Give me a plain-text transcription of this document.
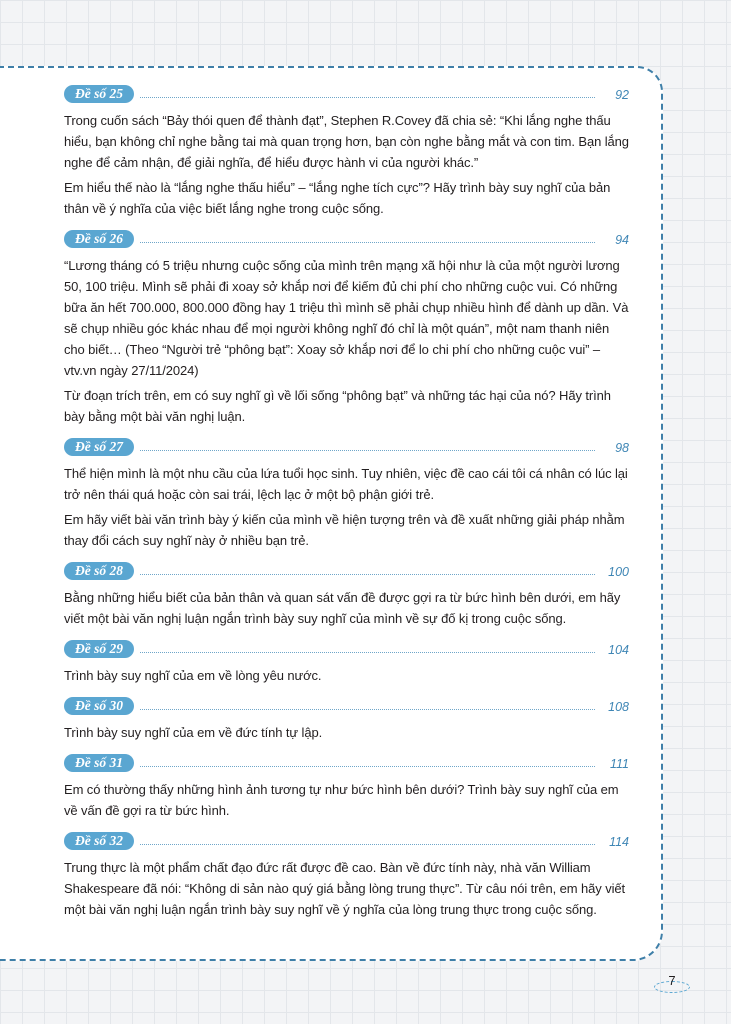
Đề số 25	92

Trong cuốn sách “Bảy thói quen để thành đạt”, Stephen R.Covey đã chia sẻ: “Khi lắng nghe thấu hiểu, bạn không chỉ nghe bằng tai mà quan trọng hơn, bạn còn nghe bằng mắt và con tim. Bạn lắng nghe để cảm nhận, để giải nghĩa, để hiểu được hành vi của người khác.”

Em hiểu thế nào là “lắng nghe thấu hiểu” – “lắng nghe tích cực”? Hãy trình bày suy nghĩ của bản thân về ý nghĩa của việc biết lắng nghe trong cuộc sống.

Đề số 26	94

“Lương tháng có 5 triệu nhưng cuộc sống của mình trên mạng xã hội như là của một người lương 50, 100 triệu. Mình sẽ phải đi xoay sở khắp nơi để kiếm đủ chi phí cho những cuộc vui. Có những bữa ăn hết 700.000, 800.000 đồng hay 1 triệu thì mình sẽ phải chụp nhiều hình để dành up dần. Và sẽ chụp nhiều góc khác nhau để mọi người không nghĩ đó chỉ là một quán”, một nam thanh niên cho biết… (Theo “Người trẻ “phông bạt”: Xoay sở khắp nơi để lo chi phí cho những cuộc vui” – vtv.vn ngày 27/11/2024)

Từ đoạn trích trên, em có suy nghĩ gì về lối sống “phông bạt” và những tác hại của nó? Hãy trình bày bằng một bài văn nghị luận.

Đề số 27	98

Thể hiện mình là một nhu cầu của lứa tuổi học sinh. Tuy nhiên, việc đề cao cái tôi cá nhân có lúc lại trở nên thái quá hoặc còn sai trái, lệch lạc ở một bộ phận giới trẻ.

Em hãy viết bài văn trình bày ý kiến của mình về hiện tượng trên và đề xuất những giải pháp nhằm thay đổi cách suy nghĩ này ở nhiều bạn trẻ.

Đề số 28	100

Bằng những hiểu biết của bản thân và quan sát vấn đề được gợi ra từ bức hình bên dưới, em hãy viết một bài văn nghị luận ngắn trình bày suy nghĩ của mình về sự đố kị trong cuộc sống.

Đề số 29	104

Trình bày suy nghĩ của em về lòng yêu nước.

Đề số 30	108

Trình bày suy nghĩ của em về đức tính tự lập.

Đề số 31	111

Em có thường thấy những hình ảnh tương tự như bức hình bên dưới? Trình bày suy nghĩ của em về vấn đề gợi ra từ bức hình.

Đề số 32	114

Trung thực là một phẩm chất đạo đức rất được đề cao. Bàn về đức tính này, nhà văn William Shakespeare đã nói: “Không di sản nào quý giá bằng lòng trung thực”. Từ câu nói trên, em hãy viết một bài văn nghị luận ngắn trình bày suy nghĩ về ý nghĩa của lòng trung thực trong cuộc sống.

7
